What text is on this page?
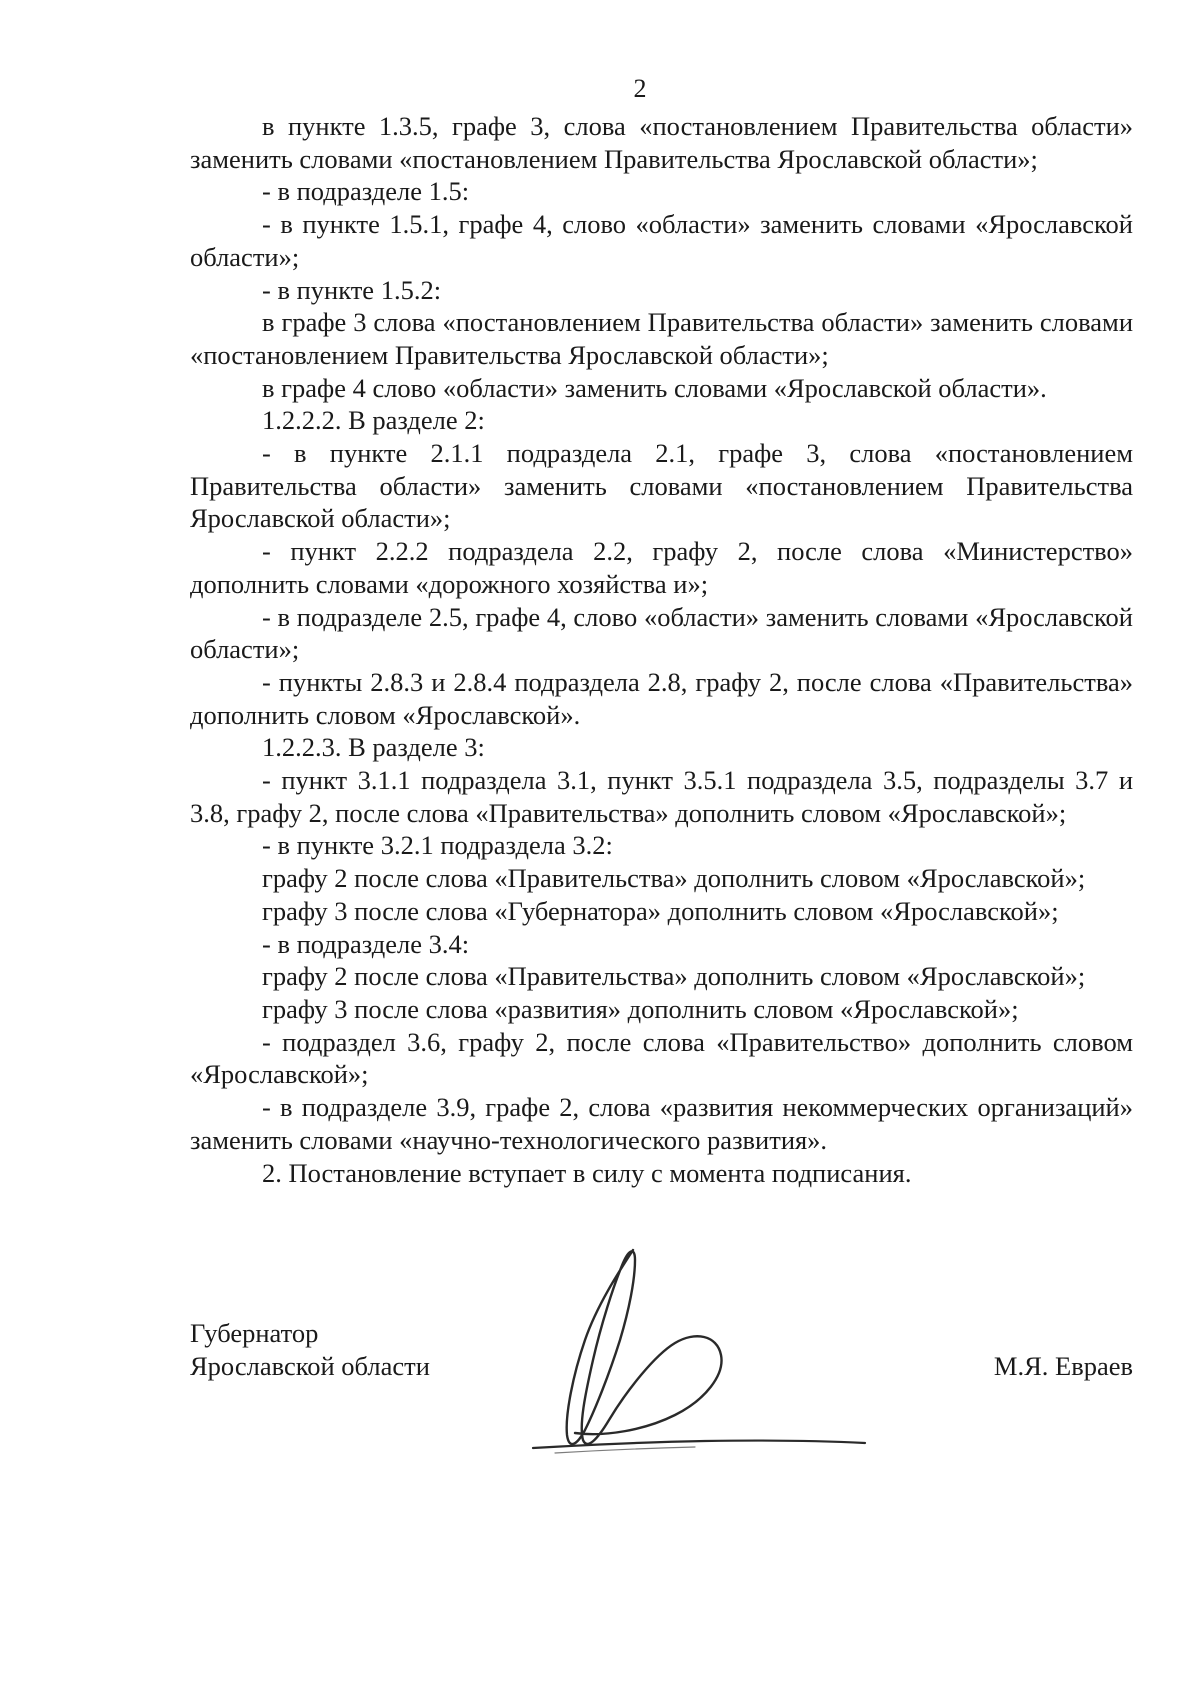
2

в пункте 1.3.5, графе 3, слова «постановлением Правительства области» заменить словами «постановлением Правительства Ярославской области»;

- в подразделе 1.5:

- в пункте 1.5.1, графе 4, слово «области» заменить словами «Ярославской области»;

- в пункте 1.5.2:

в графе 3 слова «постановлением Правительства области» заменить словами «постановлением Правительства Ярославской области»;

в графе 4 слово «области» заменить словами «Ярославской области».

1.2.2.2. В разделе 2:

- в пункте 2.1.1 подраздела 2.1, графе 3, слова «постановлением Правительства области» заменить словами «постановлением Правительства Ярославской области»;

- пункт 2.2.2 подраздела 2.2, графу 2, после слова «Министерство» дополнить словами «дорожного хозяйства и»;

- в подразделе 2.5, графе 4, слово «области» заменить словами «Ярославской области»;

- пункты 2.8.3 и 2.8.4 подраздела 2.8, графу 2, после слова «Правительства» дополнить словом «Ярославской».

1.2.2.3. В разделе 3:

- пункт 3.1.1 подраздела 3.1, пункт 3.5.1 подраздела 3.5, подразделы 3.7 и 3.8, графу 2, после слова «Правительства» дополнить словом «Ярославской»;

- в пункте 3.2.1 подраздела 3.2:

графу 2 после слова «Правительства» дополнить словом «Ярославской»;

графу 3 после слова «Губернатора» дополнить словом «Ярославской»;

- в подразделе 3.4:

графу 2 после слова «Правительства» дополнить словом «Ярославской»;

графу 3 после слова «развития» дополнить словом «Ярославской»;

- подраздел 3.6, графу 2, после слова «Правительство» дополнить словом «Ярославской»;

- в подразделе 3.9, графе 2, слова «развития некоммерческих организаций» заменить словами «научно-технологического развития».

2. Постановление вступает в силу с момента подписания.

Губернатор
Ярославской области	М.Я. Евраев
